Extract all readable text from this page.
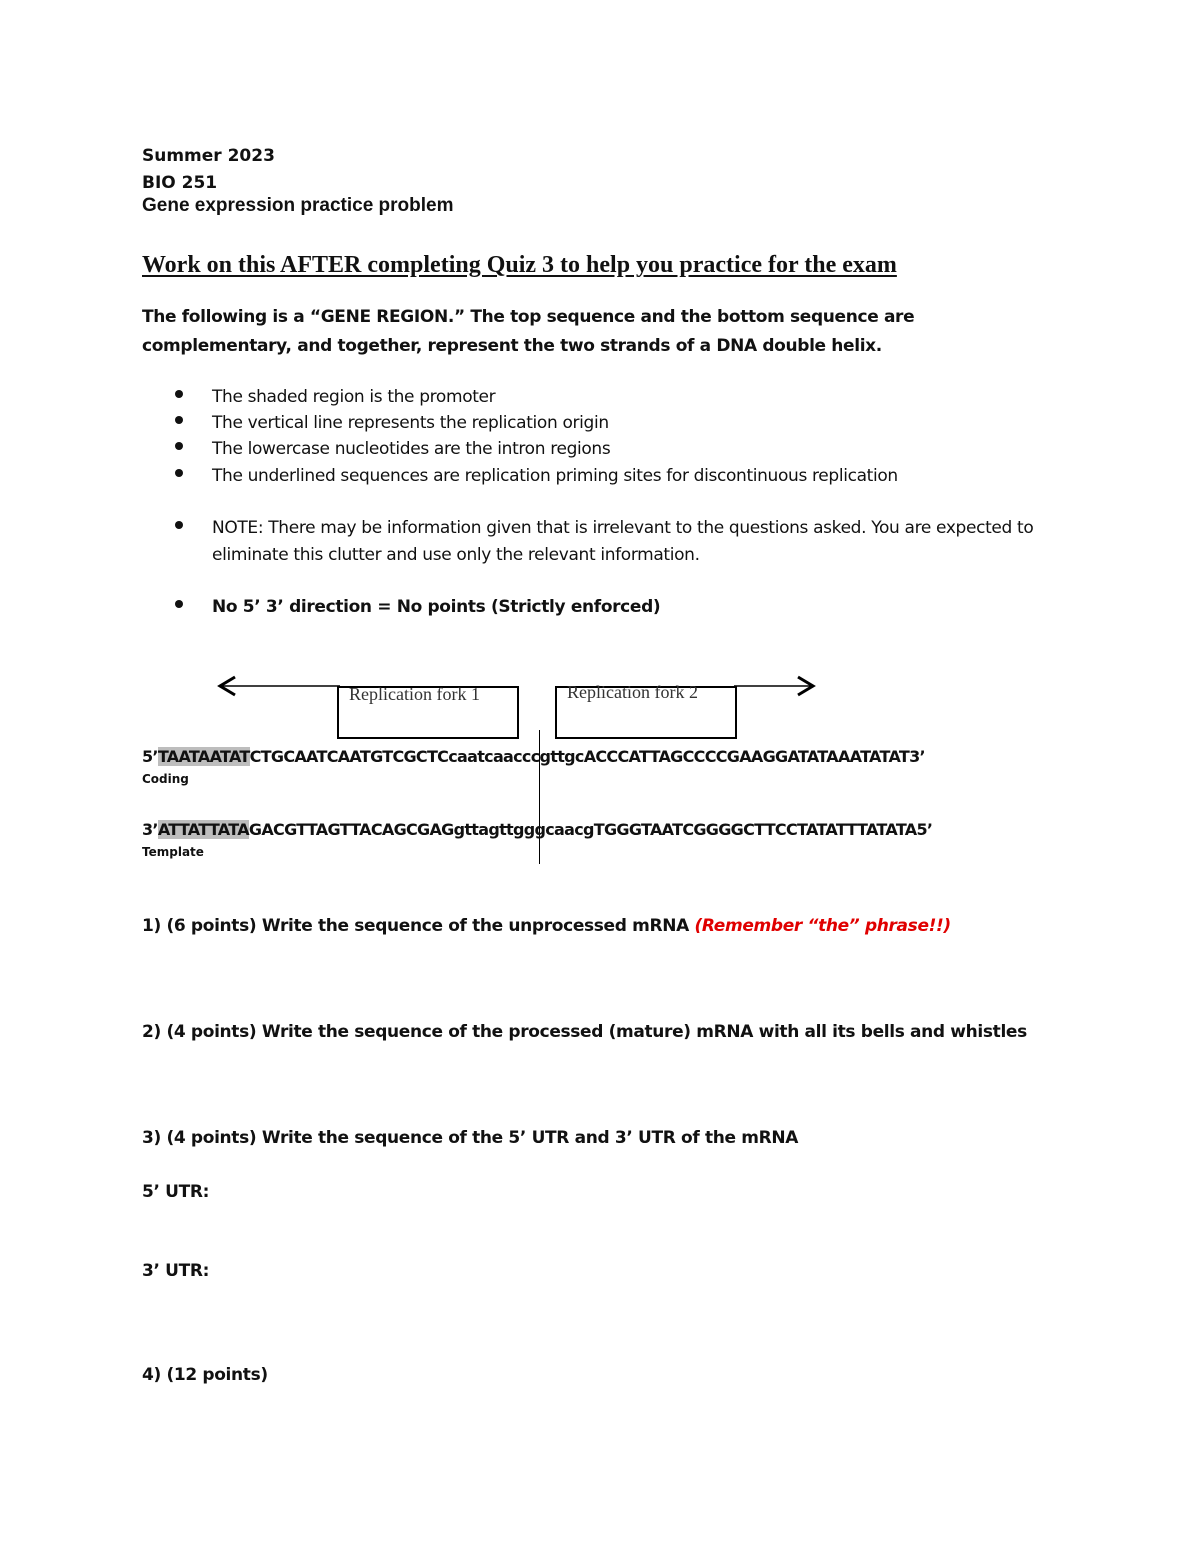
Summer 2023
BIO 251
Gene expression practice problem
Work on this AFTER completing Quiz 3 to help you practice for the exam
The following is a “GENE REGION.” The top sequence and the bottom sequence are complementary, and together, represent the two strands of a DNA double helix.
The shaded region is the promoter
The vertical line represents the replication origin
The lowercase nucleotides are the intron regions
The underlined sequences are replication priming sites for discontinuous replication
NOTE: There may be information given that is irrelevant to the questions asked. You are expected to eliminate this clutter and use only the relevant information.
No 5’ 3’ direction = No points (Strictly enforced)
Replication fork 1	Replication fork 2
5’TAATAATATCTGCAATCAATGTCGCTCcaatcaacccgttgcACCCATTAGCCCCGAAGGATATAAATATAT3’
Coding
3’ATTATTATAGACGTTAGTTACAGCGAGgttagttgggcaacgTGGGTAATCGGGGCTTCCTATATTTATATA5’
Template
1) (6 points) Write the sequence of the unprocessed mRNA (Remember “the” phrase!!)
2) (4 points) Write the sequence of the processed (mature) mRNA with all its bells and whistles
3) (4 points) Write the sequence of the 5’ UTR and 3’ UTR of the mRNA
5’ UTR:
3’ UTR:
4) (12 points)
